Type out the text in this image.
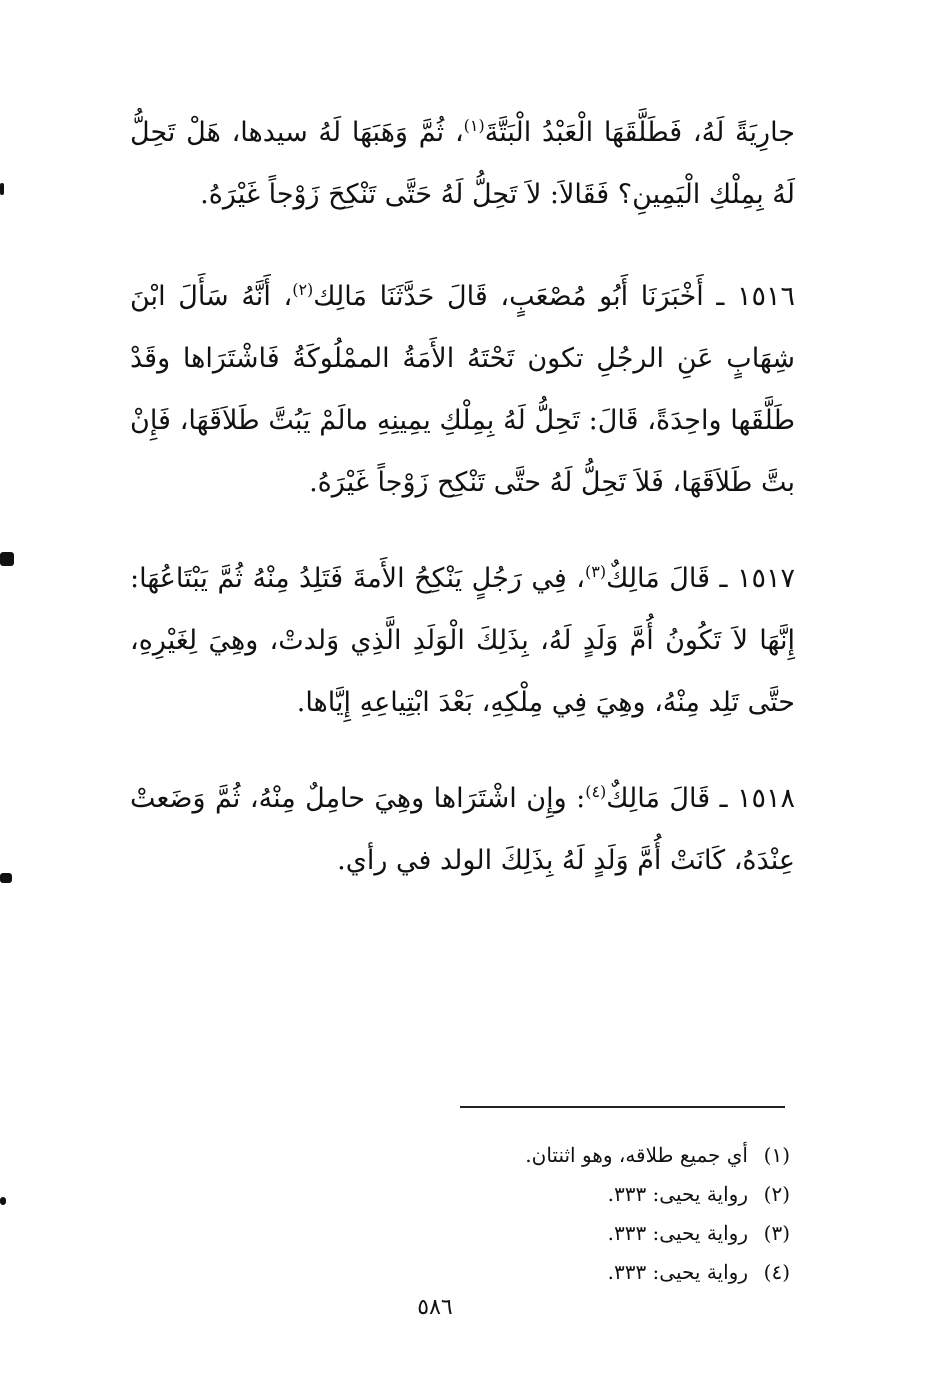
جارِيَةً لَهُ، فَطَلَّقَهَا الْعَبْدُ الْبَتَّةَ$^{(١)}$، ثُمَّ وَهَبَهَا لَهُ سيدها، هَلْ تَحِلُّ لَهُ بِمِلْكِ الْيَمِينِ؟ فَقَالاَ: لاَ تَحِلُّ لَهُ حَتَّى تَنْكِحَ زَوْجاً غَيْرَهُ.
١٥١٦ ـ أَخْبَرَنَا أَبُو مُصْعَبٍ، قَالَ حَدَّثَنَا مَالِك$^{(٢)}$، أَنَّهُ سَأَلَ ابْنَ شِهَابٍ عَنِ الرجُلِ تكون تَحْتَهُ الأَمَةُ الممْلُوكَةُ فَاشْتَرَاها وقَدْ طَلَّقَها واحِدَةً، قَالَ: تَحِلُّ لَهُ بِمِلْكِ يمِينِهِ مالَمْ يَبُتَّ طَلاَقَهَا، فَإِنْ بتَّ طَلاَقَهَا، فَلاَ تَحِلُّ لَهُ حتَّى تَنْكِح زَوْجاً غَيْرَهُ.
١٥١٧ ـ قَالَ مَالِكٌ$^{(٣)}$، فِي رَجُلٍ يَنْكِحُ الأَمةَ فَتَلِدُ مِنْهُ ثُمَّ يَبْتَاعُهَا: إِنَّهَا لاَ تَكُونُ أُمَّ وَلَدٍ لَهُ، بِذَلِكَ الْوَلَدِ الَّذِي وَلدتْ، وهِيَ لِغَيْرِهِ، حتَّى تَلِد مِنْهُ، وهِيَ فِي مِلْكِهِ، بَعْدَ ابْتِياعِهِ إِيَّاها.
١٥١٨ ـ قَالَ مَالِكٌ$^{(٤)}$: وإِن اشْتَرَاها وهِيَ حامِلٌ مِنْهُ، ثُمَّ وَضَعتْ عِنْدَهُ، كَانَتْ أُمَّ وَلَدٍ لَهُ بِذَلِكَ الولد في رأي.
(١)أي جميع طلاقه، وهو اثنتان.
(٢)رواية يحيى: ٣٣٣.
(٣)رواية يحيى: ٣٣٣.
(٤)رواية يحيى: ٣٣٣.
٥٨٦
